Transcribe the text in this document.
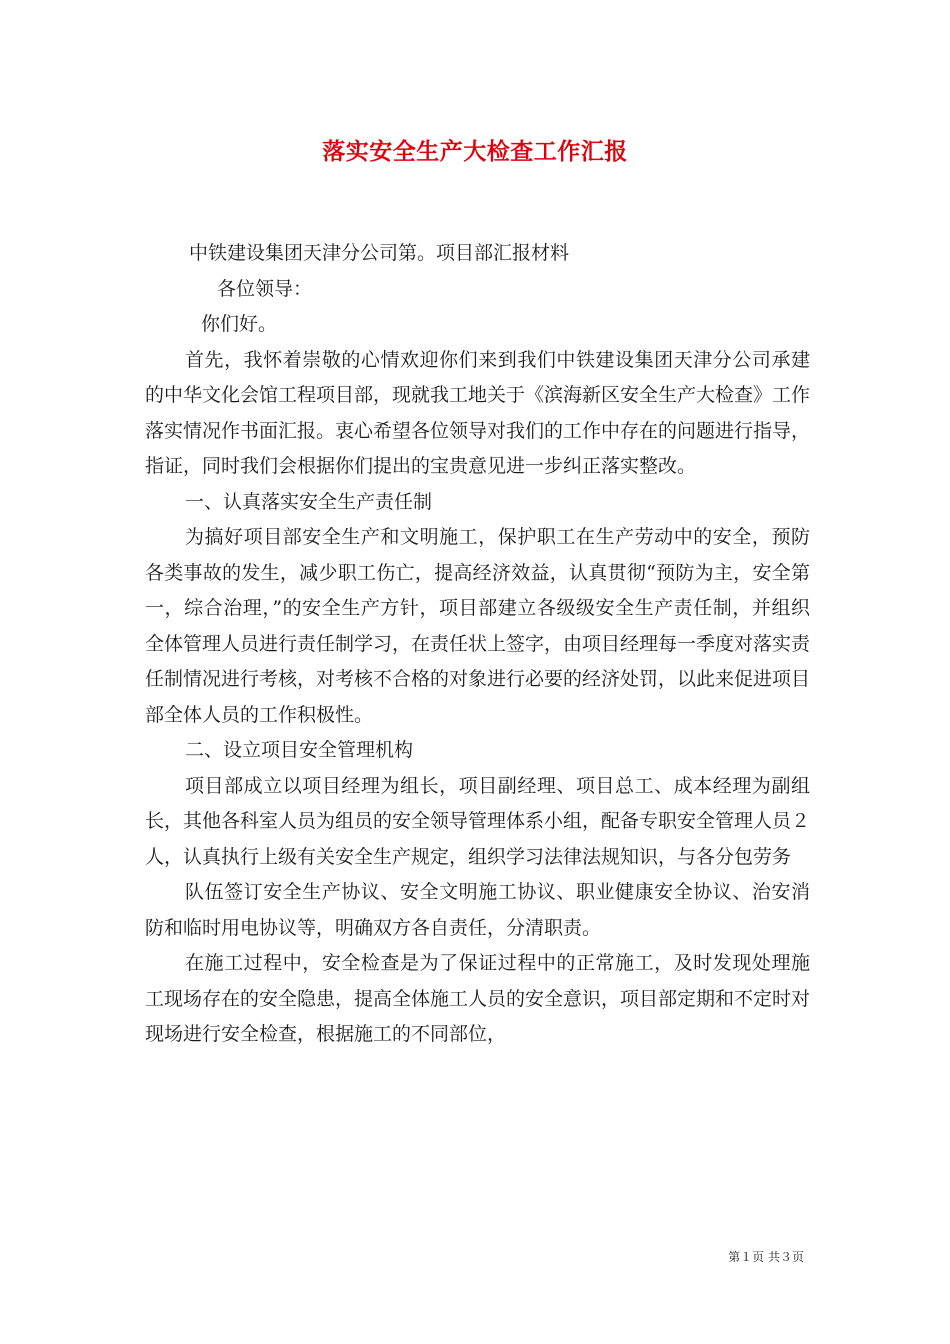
落实安全生产大检查工作汇报

中铁建设集团天津分公司第。项目部汇报材料

各位领导：

你们好。

首先，我怀着崇敬的心情欢迎你们来到我们中铁建设集团天津分公司承建的中华文化会馆工程项目部，现就我工地关于《滨海新区安全生产大检查》工作落实情况作书面汇报。衷心希望各位领导对我们的工作中存在的问题进行指导，指证，同时我们会根据你们提出的宝贵意见进一步纠正落实整改。

一、认真落实安全生产责任制

为搞好项目部安全生产和文明施工，保护职工在生产劳动中的安全，预防各类事故的发生，减少职工伤亡，提高经济效益，认真贯彻“预防为主，安全第一，综合治理，”的安全生产方针，项目部建立各级级安全生产责任制，并组织全体管理人员进行责任制学习，在责任状上签字，由项目经理每一季度对落实责任制情况进行考核，对考核不合格的对象进行必要的经济处罚，以此来促进项目部全体人员的工作积极性。

二、设立项目安全管理机构

项目部成立以项目经理为组长，项目副经理、项目总工、成本经理为副组长，其他各科室人员为组员的安全领导管理体系小组，配备专职安全管理人员２人，认真执行上级有关安全生产规定，组织学习法律法规知识，与各分包劳务

队伍签订安全生产协议、安全文明施工协议、职业健康安全协议、治安消防和临时用电协议等，明确双方各自责任，分清职责。

在施工过程中，安全检查是为了保证过程中的正常施工，及时发现处理施工现场存在的安全隐患，提高全体施工人员的安全意识，项目部定期和不定时对现场进行安全检查，根据施工的不同部位，

第１页 共３页
